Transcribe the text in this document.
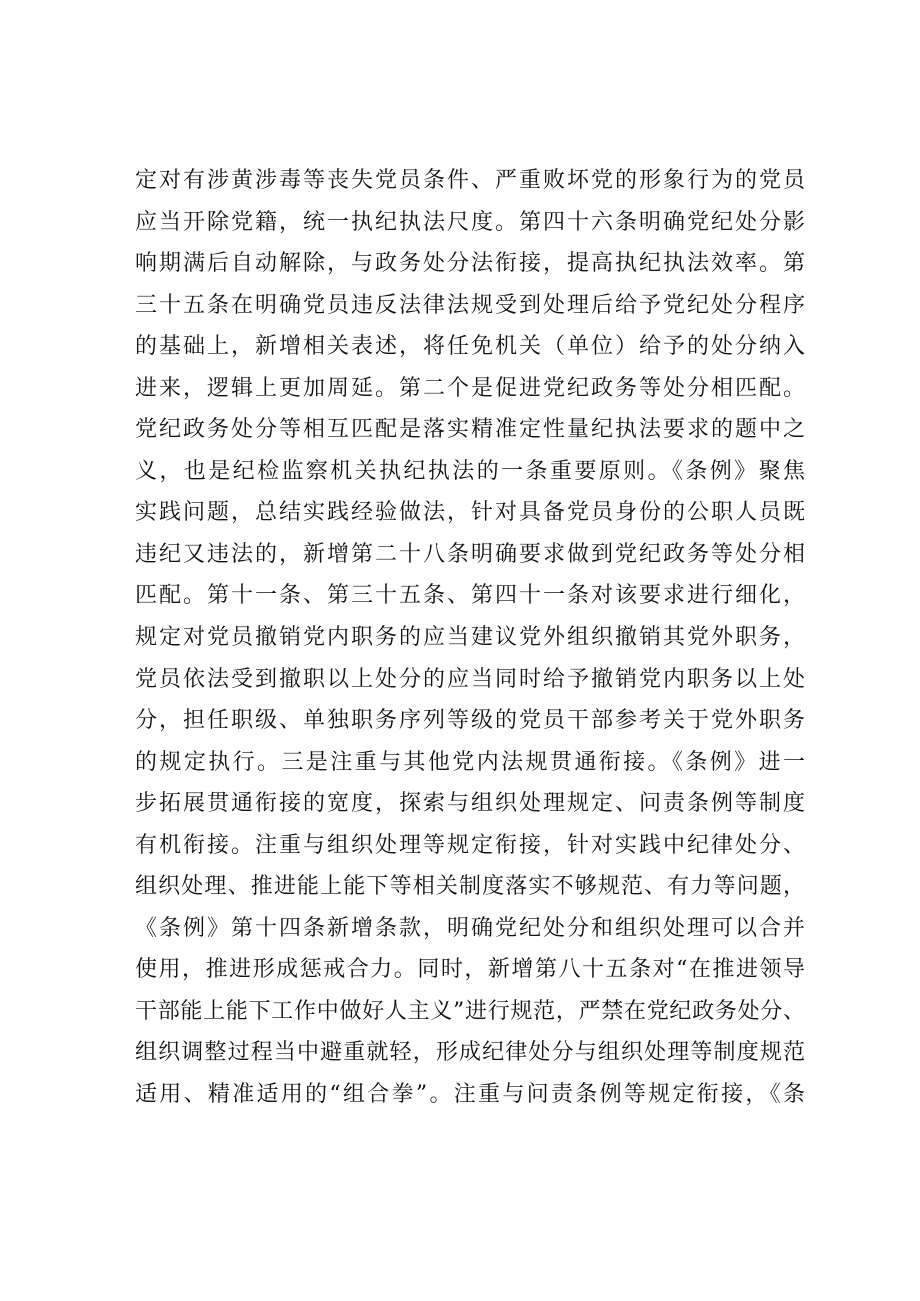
定对有涉黄涉毒等丧失党员条件、严重败坏党的形象行为的党员
应当开除党籍，统一执纪执法尺度。第四十六条明确党纪处分影
响期满后自动解除，与政务处分法衔接，提高执纪执法效率。第
三十五条在明确党员违反法律法规受到处理后给予党纪处分程序
的基础上，新增相关表述，将任免机关（单位）给予的处分纳入
进来，逻辑上更加周延。第二个是促进党纪政务等处分相匹配。
党纪政务处分等相互匹配是落实精准定性量纪执法要求的题中之
义，也是纪检监察机关执纪执法的一条重要原则。《条例》聚焦
实践问题，总结实践经验做法，针对具备党员身份的公职人员既
违纪又违法的，新增第二十八条明确要求做到党纪政务等处分相
匹配。第十一条、第三十五条、第四十一条对该要求进行细化，
规定对党员撤销党内职务的应当建议党外组织撤销其党外职务，
党员依法受到撤职以上处分的应当同时给予撤销党内职务以上处
分，担任职级、单独职务序列等级的党员干部参考关于党外职务
的规定执行。三是注重与其他党内法规贯通衔接。《条例》进一
步拓展贯通衔接的宽度，探索与组织处理规定、问责条例等制度
有机衔接。注重与组织处理等规定衔接，针对实践中纪律处分、
组织处理、推进能上能下等相关制度落实不够规范、有力等问题，
《条例》第十四条新增条款，明确党纪处分和组织处理可以合并
使用，推进形成惩戒合力。同时，新增第八十五条对“在推进领导
干部能上能下工作中做好人主义”进行规范，严禁在党纪政务处分、
组织调整过程当中避重就轻，形成纪律处分与组织处理等制度规范
适用、精准适用的“组合拳”。注重与问责条例等规定衔接，《条
